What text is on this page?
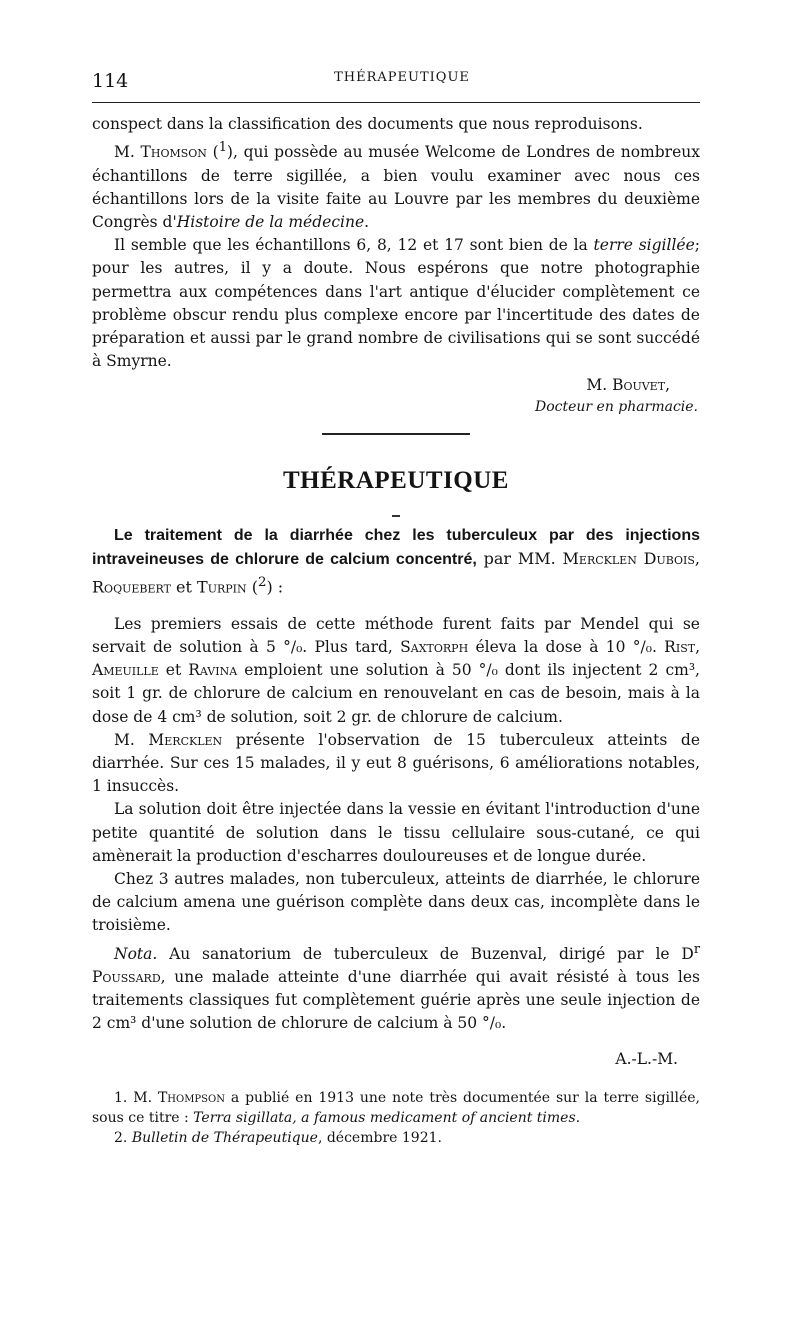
114	THÉRAPEUTIQUE

conspect dans la classification des documents que nous reproduisons.

M. Thomson ($^1$), qui possède au musée Welcome de Londres de nombreux échantillons de terre sigillée, a bien voulu examiner avec nous ces échantillons lors de la visite faite au Louvre par les membres du deuxième Congrès d'Histoire de la médecine.

Il semble que les échantillons 6, 8, 12 et 17 sont bien de la terre sigillée; pour les autres, il y a doute. Nous espérons que notre photographie permettra aux compétences dans l'art antique d'élucider complètement ce problème obscur rendu plus complexe encore par l'incertitude des dates de préparation et aussi par le grand nombre de civilisations qui se sont succédé à Smyrne.

M. Bouvet,
Docteur en pharmacie.
THÉRAPEUTIQUE

Le traitement de la diarrhée chez les tuberculeux par des injections intraveineuses de chlorure de calcium concentré, par MM. Mercklen Dubois, Roquebert et Turpin ($^2$) :

Les premiers essais de cette méthode furent faits par Mendel qui se servait de solution à 5 °/₀. Plus tard, Saxtorph éleva la dose à 10 °/₀. Rist, Ameuille et Ravina emploient une solution à 50 °/₀ dont ils injectent 2 cm³, soit 1 gr. de chlorure de calcium en renouvelant en cas de besoin, mais à la dose de 4 cm³ de solution, soit 2 gr. de chlorure de calcium.

M. Mercklen présente l'observation de 15 tuberculeux atteints de diarrhée. Sur ces 15 malades, il y eut 8 guérisons, 6 améliorations notables, 1 insuccès.

La solution doit être injectée dans la vessie en évitant l'introduction d'une petite quantité de solution dans le tissu cellulaire sous-cutané, ce qui amènerait la production d'escharres douloureuses et de longue durée.

Chez 3 autres malades, non tuberculeux, atteints de diarrhée, le chlorure de calcium amena une guérison complète dans deux cas, incomplète dans le troisième.

Nota. Au sanatorium de tuberculeux de Buzenval, dirigé par le $D^r$ Poussard, une malade atteinte d'une diarrhée qui avait résisté à tous les traitements classiques fut complètement guérie après une seule injection de 2 cm³ d'une solution de chlorure de calcium à 50 °/₀.

A.-L.-M.

1. M. Thompson a publié en 1913 une note très documentée sur la terre sigillée, sous ce titre : Terra sigillata, a famous medicament of ancient times.

2. Bulletin de Thérapeutique, décembre 1921.
